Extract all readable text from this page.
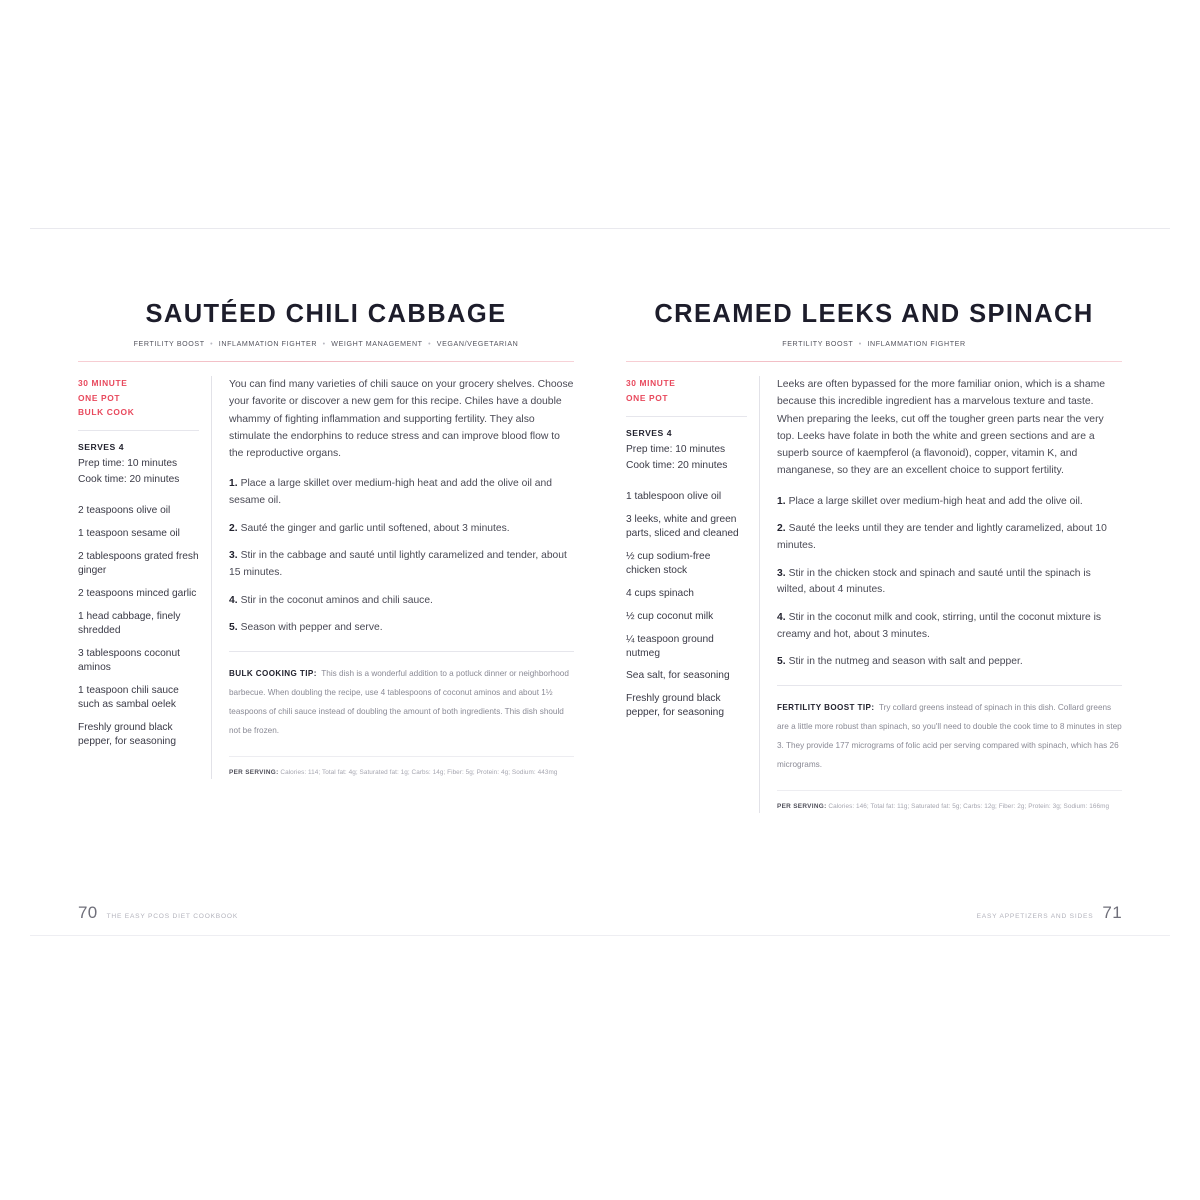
SAUTÉED CHILI CABBAGE
FERTILITY BOOST • INFLAMMATION FIGHTER • WEIGHT MANAGEMENT • VEGAN/VEGETARIAN
30 MINUTE
ONE POT
BULK COOK
SERVES 4
Prep time: 10 minutes
Cook time: 20 minutes
2 teaspoons olive oil
1 teaspoon sesame oil
2 tablespoons grated fresh ginger
2 teaspoons minced garlic
1 head cabbage, finely shredded
3 tablespoons coconut aminos
1 teaspoon chili sauce such as sambal oelek
Freshly ground black pepper, for seasoning

You can find many varieties of chili sauce on your grocery shelves. Choose your favorite or discover a new gem for this recipe. Chiles have a double whammy of fighting inflammation and supporting fertility. They also stimulate the endorphins to reduce stress and can improve blood flow to the reproductive organs.

1. Place a large skillet over medium-high heat and add the olive oil and sesame oil.
2. Sauté the ginger and garlic until softened, about 3 minutes.
3. Stir in the cabbage and sauté until lightly caramelized and tender, about 15 minutes.
4. Stir in the coconut aminos and chili sauce.
5. Season with pepper and serve.
BULK COOKING TIP: This dish is a wonderful addition to a potluck dinner or neighborhood barbecue. When doubling the recipe, use 4 tablespoons of coconut aminos and about 1½ teaspoons of chili sauce instead of doubling the amount of both ingredients. This dish should not be frozen.
PER SERVING: Calories: 114; Total fat: 4g; Saturated fat: 1g; Carbs: 14g; Fiber: 5g; Protein: 4g; Sodium: 443mg
70 THE EASY PCOS DIET COOKBOOK
CREAMED LEEKS AND SPINACH
FERTILITY BOOST • INFLAMMATION FIGHTER
30 MINUTE
ONE POT
SERVES 4
Prep time: 10 minutes
Cook time: 20 minutes
1 tablespoon olive oil
3 leeks, white and green parts, sliced and cleaned
½ cup sodium-free chicken stock
4 cups spinach
½ cup coconut milk
¼ teaspoon ground nutmeg
Sea salt, for seasoning
Freshly ground black pepper, for seasoning

Leeks are often bypassed for the more familiar onion, which is a shame because this incredible ingredient has a marvelous texture and taste. When preparing the leeks, cut off the tougher green parts near the very top. Leeks have folate in both the white and green sections and are a superb source of kaempferol (a flavonoid), copper, vitamin K, and manganese, so they are an excellent choice to support fertility.

1. Place a large skillet over medium-high heat and add the olive oil.
2. Sauté the leeks until they are tender and lightly caramelized, about 10 minutes.
3. Stir in the chicken stock and spinach and sauté until the spinach is wilted, about 4 minutes.
4. Stir in the coconut milk and cook, stirring, until the coconut mixture is creamy and hot, about 3 minutes.
5. Stir in the nutmeg and season with salt and pepper.
FERTILITY BOOST TIP: Try collard greens instead of spinach in this dish. Collard greens are a little more robust than spinach, so you'll need to double the cook time to 8 minutes in step 3. They provide 177 micrograms of folic acid per serving compared with spinach, which has 26 micrograms.
PER SERVING: Calories: 146; Total fat: 11g; Saturated fat: 5g; Carbs: 12g; Fiber: 2g; Protein: 3g; Sodium: 166mg
EASY APPETIZERS AND SIDES 71
